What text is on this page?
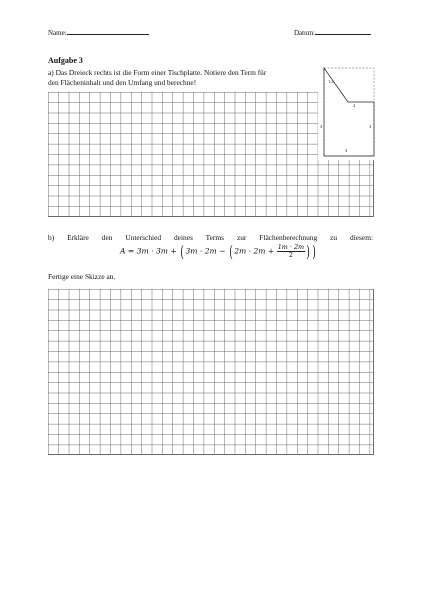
Name:	Datum:
Aufgabe 3
a) Das Dreieck rechts ist die Form einer Tischplatte. Notiere den Term für
den Flächeninhalt und den Umfang und berechne!	1,2
2
3	3
3
b) Erkläre den Unterschied deines Terms zur Flächenberechnung zu diesem:
$A = 3m \cdot 3m + (3m \cdot 2m - (2m \cdot 2m + \frac{1m \cdot 2m}{2}$ ) )
Fertige eine Skizze an.
